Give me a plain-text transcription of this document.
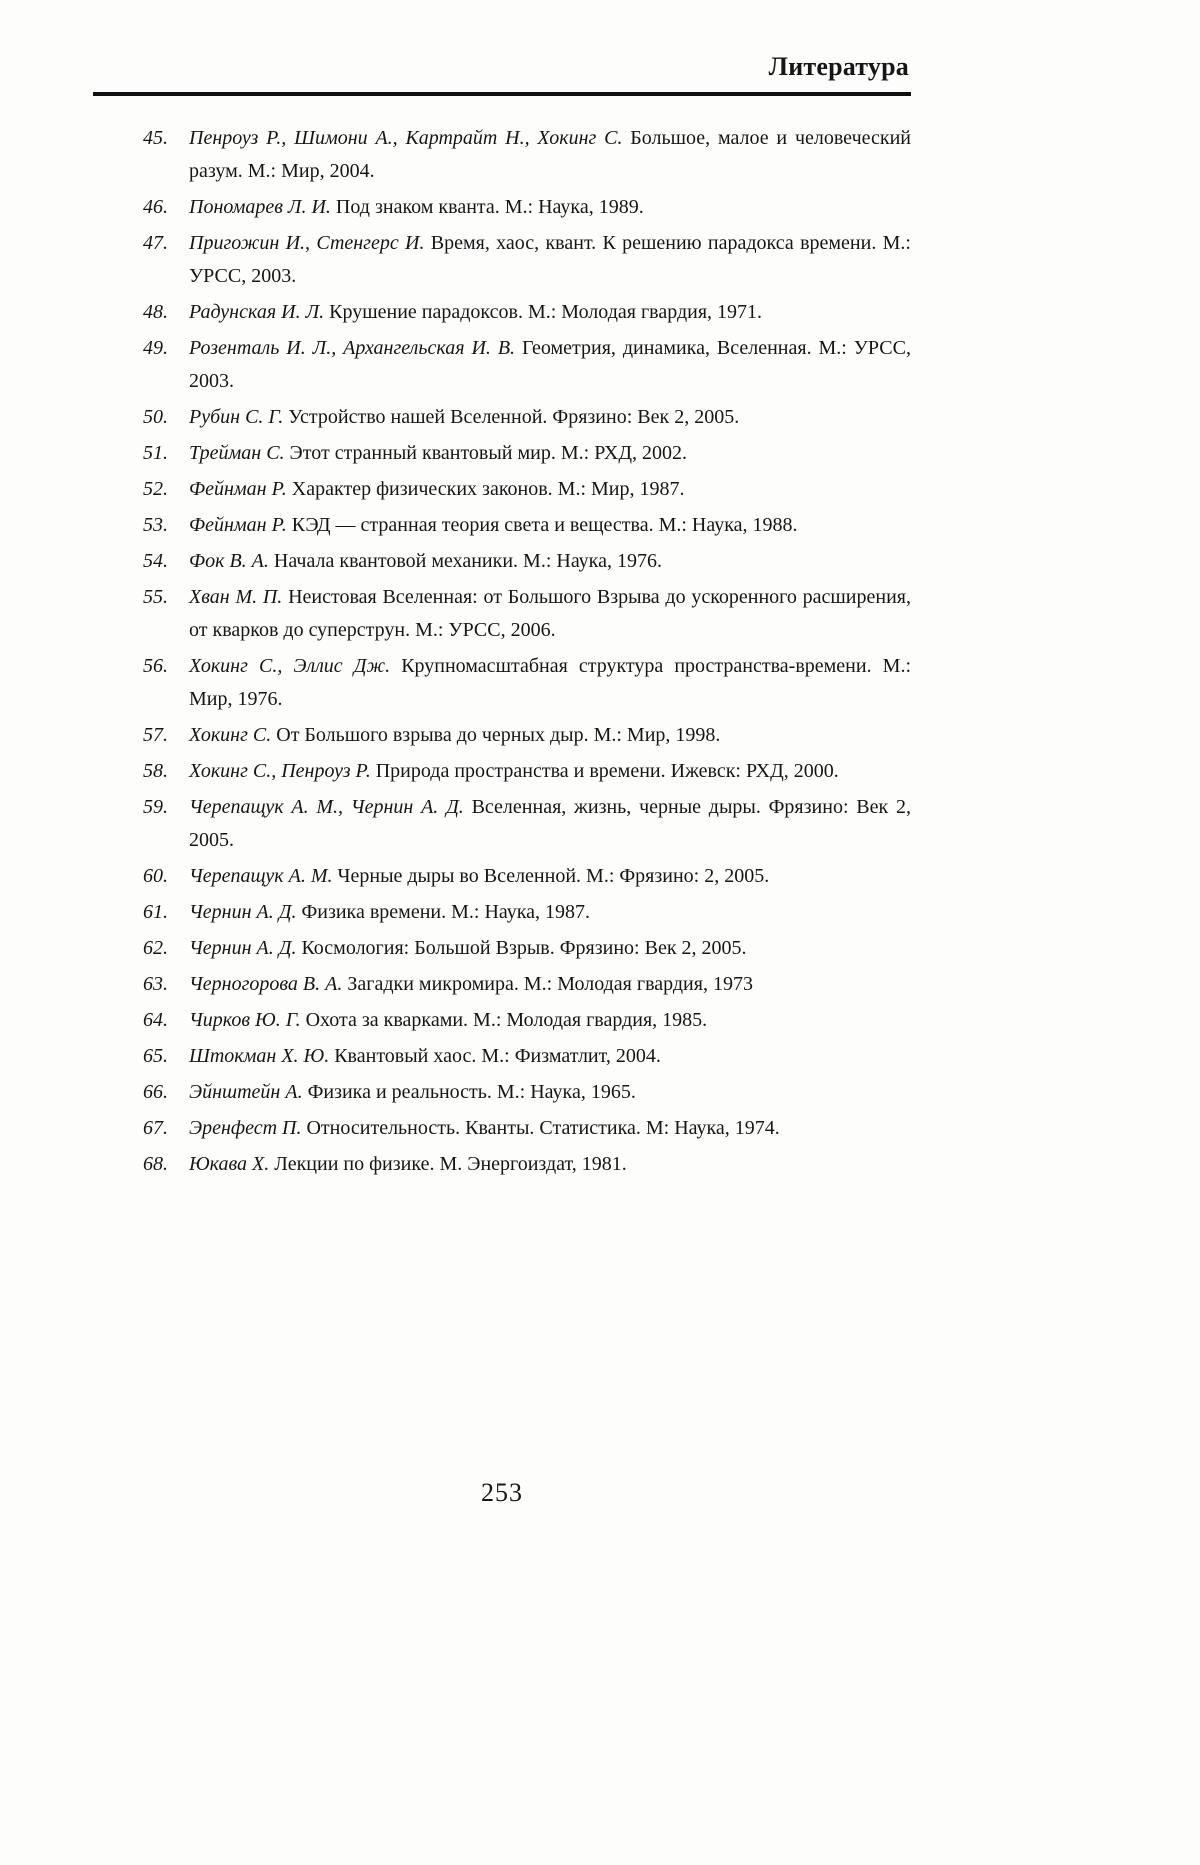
Литература
45. Пенроуз Р., Шимони А., Картрайт Н., Хокинг С. Большое, малое и человеческий разум. М.: Мир, 2004.
46. Пономарев Л. И. Под знаком кванта. М.: Наука, 1989.
47. Пригожин И., Стенгерс И. Время, хаос, квант. К решению парадокса времени. М.: УРСС, 2003.
48. Радунская И. Л. Крушение парадоксов. М.: Молодая гвардия, 1971.
49. Розенталь И. Л., Архангельская И. В. Геометрия, динамика, Вселенная. М.: УРСС, 2003.
50. Рубин С. Г. Устройство нашей Вселенной. Фрязино: Век 2, 2005.
51. Трейман С. Этот странный квантовый мир. М.: РХД, 2002.
52. Фейнман Р. Характер физических законов. М.: Мир, 1987.
53. Фейнман Р. КЭД — странная теория света и вещества. М.: Наука, 1988.
54. Фок В. А. Начала квантовой механики. М.: Наука, 1976.
55. Хван М. П. Неистовая Вселенная: от Большого Взрыва до ускоренного расширения, от кварков до суперструн. М.: УРСС, 2006.
56. Хокинг С., Эллис Дж. Крупномасштабная структура пространства-времени. М.: Мир, 1976.
57. Хокинг С. От Большого взрыва до черных дыр. М.: Мир, 1998.
58. Хокинг С., Пенроуз Р. Природа пространства и времени. Ижевск: РХД, 2000.
59. Черепащук А. М., Чернин А. Д. Вселенная, жизнь, черные дыры. Фрязино: Век 2, 2005.
60. Черепащук А. М. Черные дыры во Вселенной. М.: Фрязино: 2, 2005.
61. Чернин А. Д. Физика времени. М.: Наука, 1987.
62. Чернин А. Д. Космология: Большой Взрыв. Фрязино: Век 2, 2005.
63. Черногорова В. А. Загадки микромира. М.: Молодая гвардия, 1973
64. Чирков Ю. Г. Охота за кварками. М.: Молодая гвардия, 1985.
65. Штокман Х. Ю. Квантовый хаос. М.: Физматлит, 2004.
66. Эйнштейн А. Физика и реальность. М.: Наука, 1965.
67. Эренфест П. Относительность. Кванты. Статистика. М: Наука, 1974.
68. Юкава Х. Лекции по физике. М. Энергоиздат, 1981.
253
